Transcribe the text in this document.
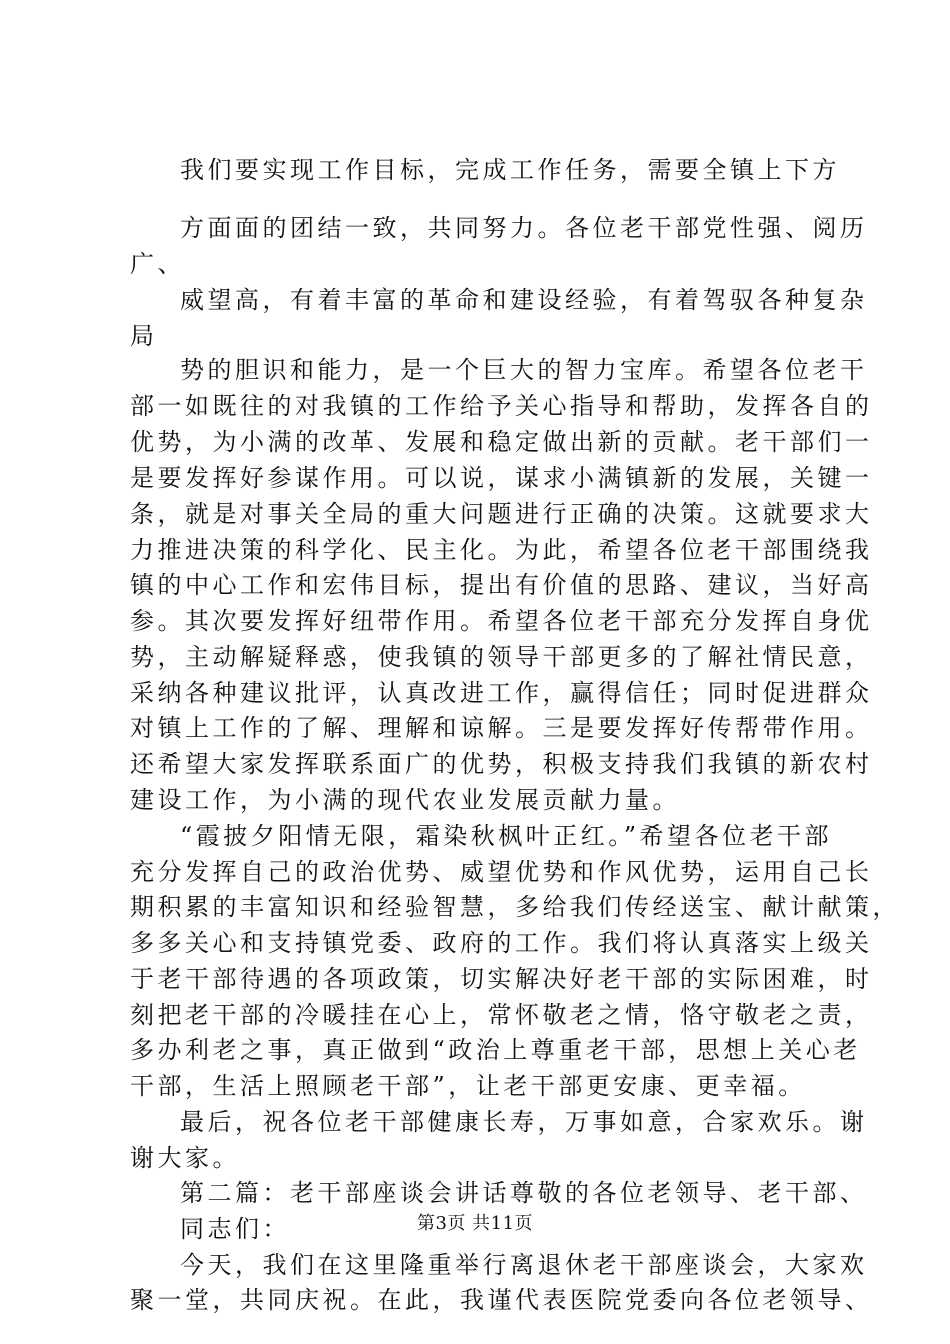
我们要实现工作目标，完成工作任务，需要全镇上下方
方面面的团结一致，共同努力。各位老干部党性强、阅历
广、
威望高，有着丰富的革命和建设经验，有着驾驭各种复杂
局
势的胆识和能力，是一个巨大的智力宝库。希望各位老干
部一如既往的对我镇的工作给予关心指导和帮助，发挥各自的
优势，为小满的改革、发展和稳定做出新的贡献。老干部们一
是要发挥好参谋作用。可以说，谋求小满镇新的发展，关键一
条，就是对事关全局的重大问题进行正确的决策。这就要求大
力推进决策的科学化、民主化。为此，希望各位老干部围绕我
镇的中心工作和宏伟目标，提出有价值的思路、建议，当好高
参。其次要发挥好纽带作用。希望各位老干部充分发挥自身优
势，主动解疑释惑，使我镇的领导干部更多的了解社情民意，
采纳各种建议批评，认真改进工作，赢得信任；同时促进群众
对镇上工作的了解、理解和谅解。三是要发挥好传帮带作用。
还希望大家发挥联系面广的优势，积极支持我们我镇的新农村
建设工作，为小满的现代农业发展贡献力量。
“霞披夕阳情无限，霜染秋枫叶正红。”希望各位老干部
充分发挥自己的政治优势、威望优势和作风优势，运用自己长
期积累的丰富知识和经验智慧，多给我们传经送宝、献计献策，
多多关心和支持镇党委、政府的工作。我们将认真落实上级关
于老干部待遇的各项政策，切实解决好老干部的实际困难，时
刻把老干部的冷暖挂在心上，常怀敬老之情，恪守敬老之责，
多办利老之事，真正做到“政治上尊重老干部，思想上关心老
干部，生活上照顾老干部”，让老干部更安康、更幸福。
最后，祝各位老干部健康长寿，万事如意，合家欢乐。谢
谢大家。
第二篇：老干部座谈会讲话尊敬的各位老领导、老干部、
同志们：
今天，我们在这里隆重举行离退休老干部座谈会，大家欢
聚一堂，共同庆祝。在此，我谨代表医院党委向各位老领导、
第3页 共11页
